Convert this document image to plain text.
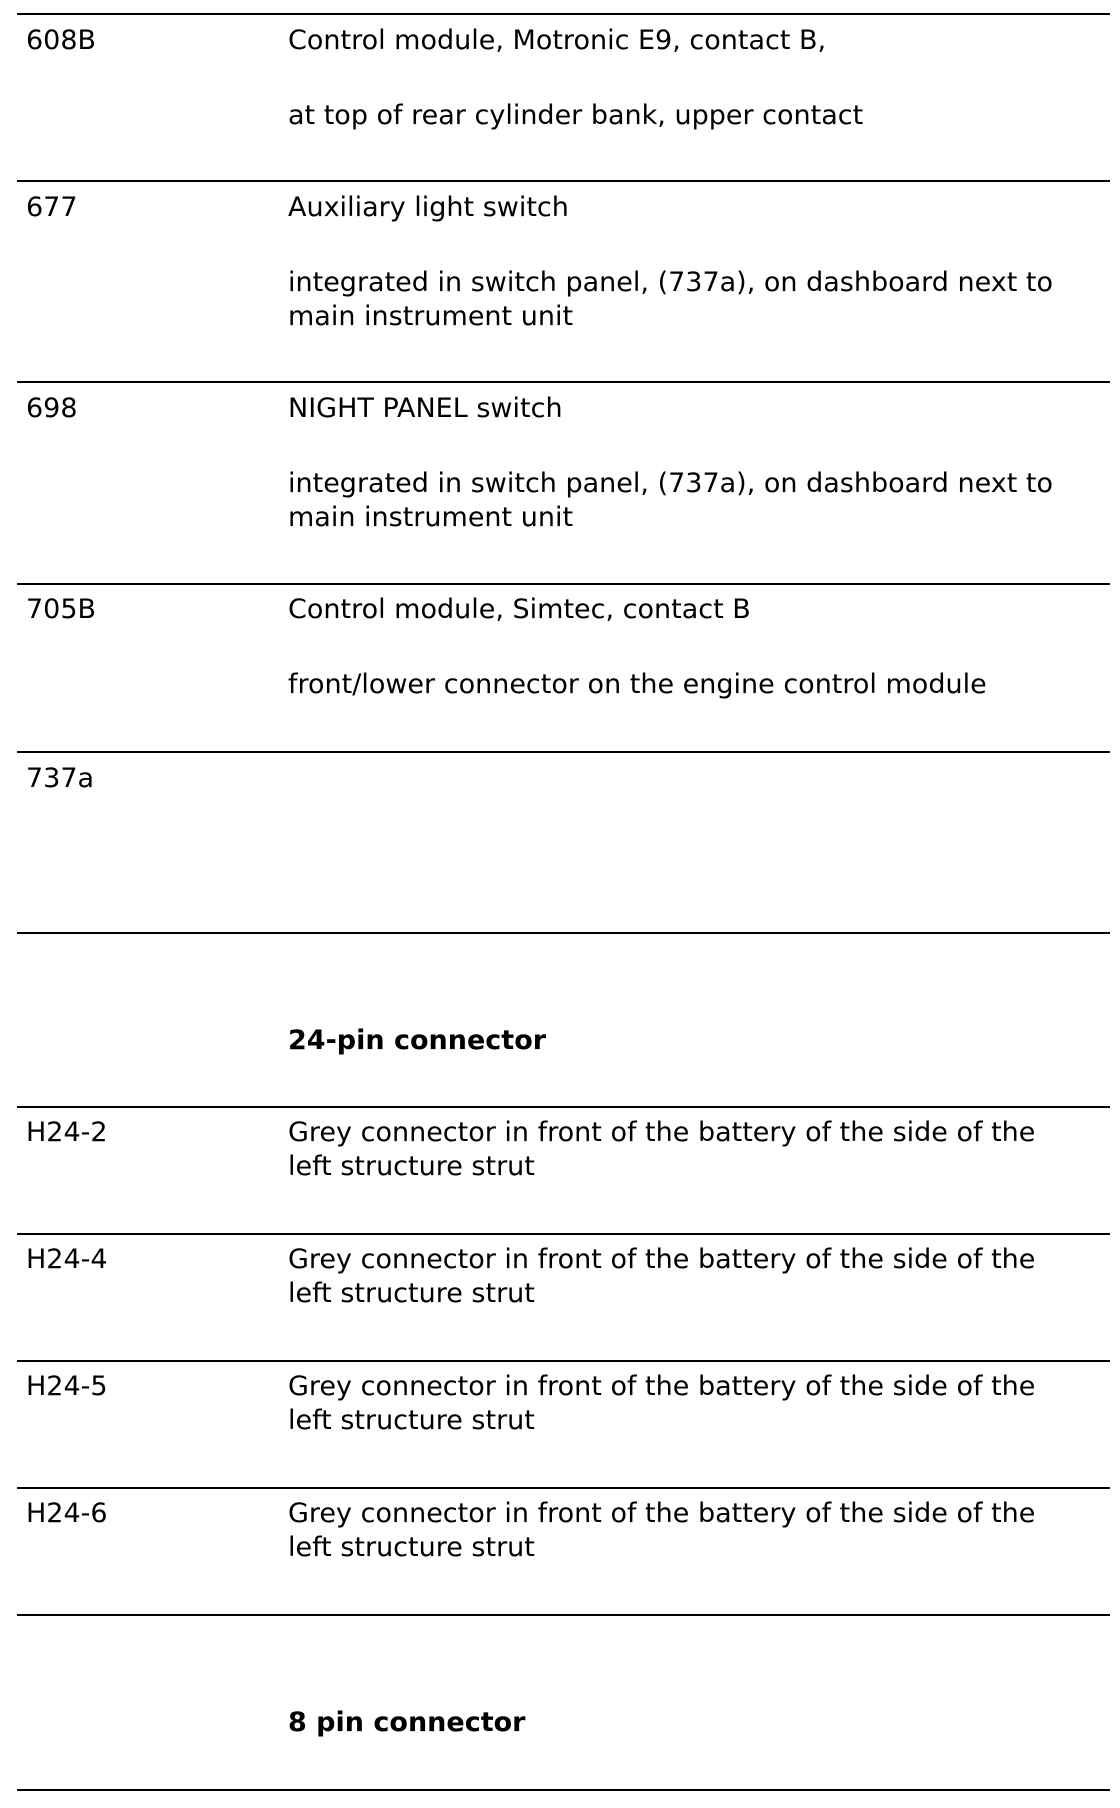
608B	Control module, Motronic E9, contact B,
at top of rear cylinder bank, upper contact
677	Auxiliary light switch
integrated in switch panel, (737a), on dashboard next to
main instrument unit
698	NIGHT PANEL switch
integrated in switch panel, (737a), on dashboard next to
main instrument unit
705B	Control module, Simtec, contact B
front/lower connector on the engine control module
737a
24-pin connector
H24-2	Grey connector in front of the battery of the side of the
left structure strut
H24-4	Grey connector in front of the battery of the side of the
left structure strut
H24-5	Grey connector in front of the battery of the side of the
left structure strut
H24-6	Grey connector in front of the battery of the side of the
left structure strut
8 pin connector
